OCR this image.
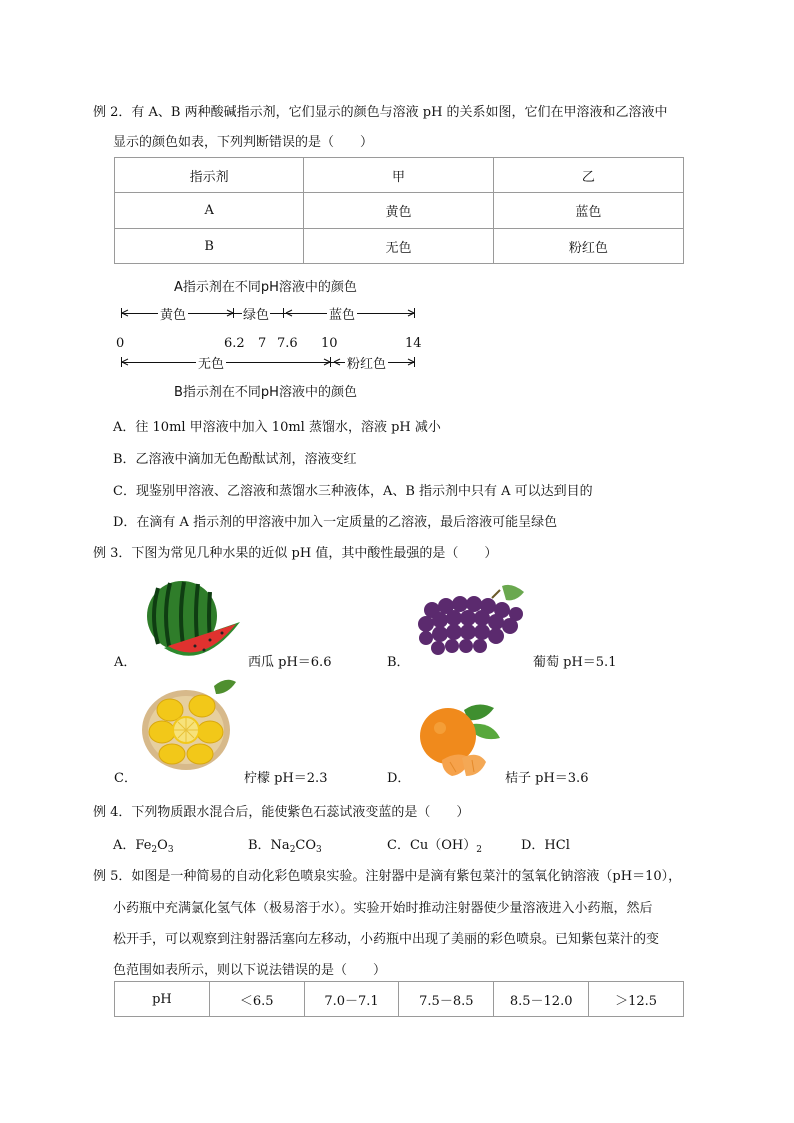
例 2．有 A、B 两种酸碱指示剂，它们显示的颜色与溶液 pH 的关系如图，它们在甲溶液和乙溶液中
显示的颜色如表，下列判断错误的是（　　）
指示剂	甲	乙
A	黄色	蓝色
B	无色	粉红色
A指示剂在不同pH溶液中的颜色
黄色	绿色	蓝色
0	6.2 7 7.6 10	14
无色	粉红色
B指示剂在不同pH溶液中的颜色
A．往 10ml 甲溶液中加入 10ml 蒸馏水，溶液 pH 减小
B．乙溶液中滴加无色酚酞试剂，溶液变红
C．现鉴别甲溶液、乙溶液和蒸馏水三种液体，A、B 指示剂中只有 A 可以达到目的
D．在滴有 A 指示剂的甲溶液中加入一定质量的乙溶液，最后溶液可能呈绿色
例 3．下图为常见几种水果的近似 pH 值，其中酸性最强的是（　　）
A．	西瓜 pH＝6.6	B．	葡萄 pH＝5.1
C．	柠檬 pH＝2.3	D．	桔子 pH＝3.6
例 4．下列物质跟水混合后，能使紫色石蕊试液变蓝的是（　　）
A．$Fe_2O_3$	B．$Na_2CO_3$	C．$Cu(OH)_2$	D．HCl
例 5．如图是一种简易的自动化彩色喷泉实验。注射器中是滴有紫包菜汁的氢氧化钠溶液（pH＝10），
小药瓶中充满氯化氢气体（极易溶于水）。实验开始时推动注射器使少量溶液进入小药瓶，然后
松开手，可以观察到注射器活塞向左移动，小药瓶中出现了美丽的彩色喷泉。已知紫包菜汁的变
色范围如表所示，则以下说法错误的是（　　）
pH	＜6.5	7.0－7.1	7.5－8.5	8.5－12.0	＞12.5
